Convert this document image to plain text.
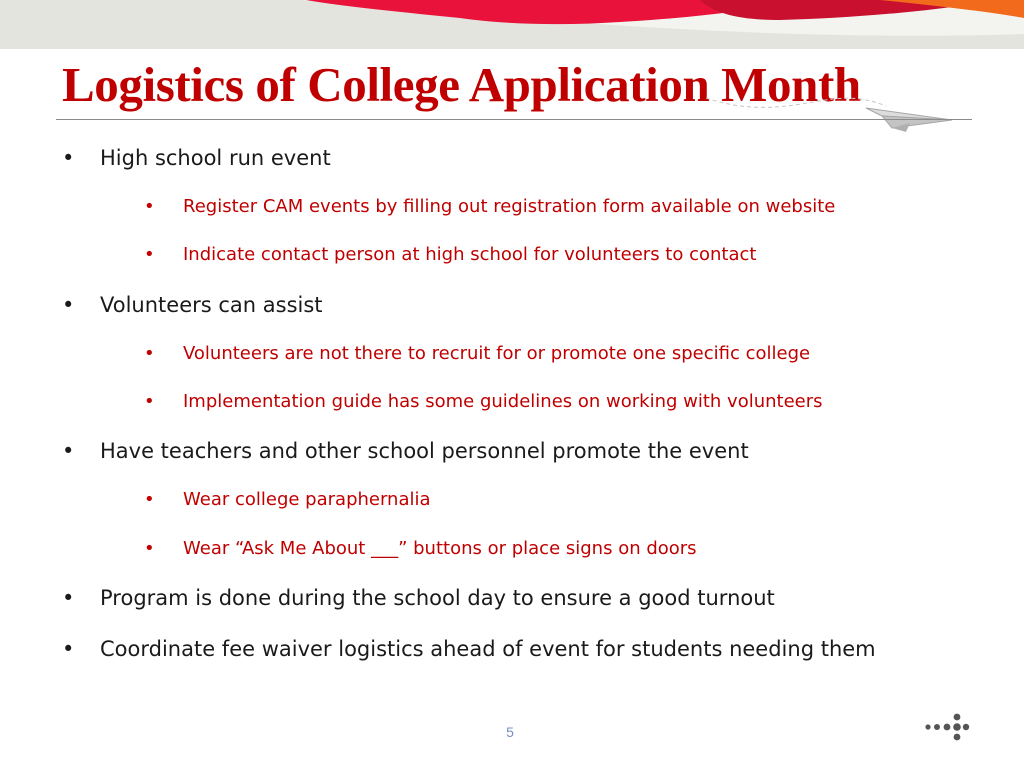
Logistics of College Application Month
• High school run event
• Register CAM events by filling out registration form available on website
• Indicate contact person at high school for volunteers to contact
• Volunteers can assist
• Volunteers are not there to recruit for or promote one specific college
• Implementation guide has some guidelines on working with volunteers
• Have teachers and other school personnel promote the event
• Wear college paraphernalia
• Wear “Ask Me About ___” buttons or place signs on doors
• Program is done during the school day to ensure a good turnout
• Coordinate fee waiver logistics ahead of event for students needing them
5
